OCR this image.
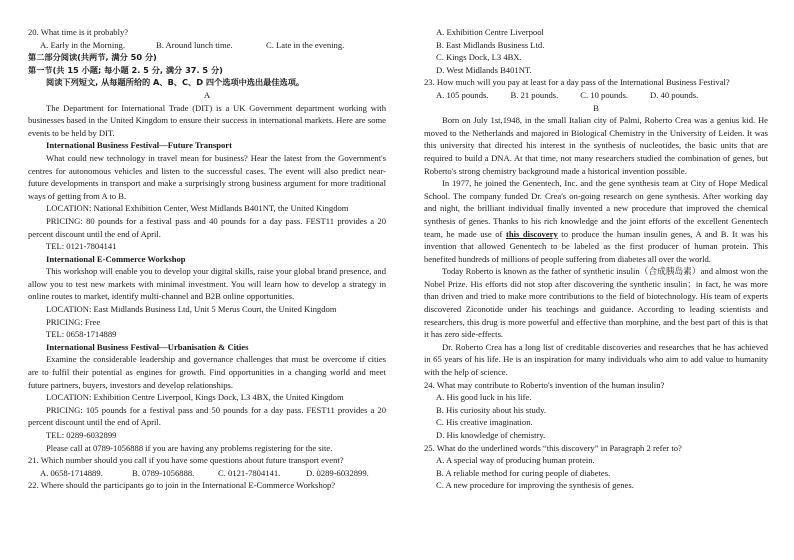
20. What time is it probably?
A. Early in the Morning.	B. Around lunch time.	C. Late in the evening.
第二部分阅读(共两节, 满分 50 分)
第一节(共 15 小题; 每小题 2. 5 分, 满分 37. 5 分)
阅读下列短文, 从每题所给的 A、B、C、D 四个选项中选出最佳选项。
A
The Department for International Trade (DIT) is a UK Government department working with businesses based in the United Kingdom to ensure their success in international markets. Here are some events to be held by DIT.
International Business Festival—Future Transport
What could new technology in travel mean for business? Hear the latest from the Government's centres for autonomous vehicles and listen to the successful cases. The event will also predict near-future developments in transport and make a surprisingly strong business argument for more traditional ways of getting from A to B.
LOCATION: National Exhibition Center, West Midlands B401NT, the United Kingdom
PRICING: 80 pounds for a festival pass and 40 pounds for a day pass. FEST11 provides a 20 percent discount until the end of April.
TEL: 0121-7804141
International E-Commerce Workshop
This workshop will enable you to develop your digital skills, raise your global brand presence, and allow you to test new markets with minimal investment. You will learn how to develop a strategy in online routes to market, identify multi-channel and B2B online opportunities.
LOCATION: East Midlands Business Ltd, Unit 5 Merus Court, the United Kingdom
PRICING: Free
TEL: 0658-1714889
International Business Festival—Urbanisation & Cities
Examine the considerable leadership and governance challenges that must be overcome if cities are to fulfil their potential as engines for growth. Find opportunities in a changing world and meet future partners, buyers, investors and develop relationships.
LOCATION: Exhibition Centre Liverpool, Kings Dock, L3 4BX, the United Kingdom
PRICING: 105 pounds for a festival pass and 50 pounds for a day pass. FEST11 provides a 20 percent discount until the end of April.
TEL: 0289-6032899
Please call at 0789-1056888 if you are having any problems registering for the site.
21. Which number should you call if you have some questions about future transport event?
A. 0658-1714889.	B. 0789-1056888.	C. 0121-7804141.	D. 0289-6032899.
22. Where should the participants go to join in the International E-Commerce Workshop?
A. Exhibition Centre Liverpool
B. East Midlands Business Ltd.
C. Kings Dock, L3 4BX.
D. West Midlands B401NT.
23. How much will you pay at least for a day pass of the International Business Festival?
A. 105 pounds.	B. 21 pounds.	C. 10 pounds.	D. 40 pounds.
B
Born on July 1st,1948, in the small Italian city of Palmi, Roberto Crea was a genius kid. He moved to the Netherlands and majored in Biological Chemistry in the University of Leiden. It was this university that directed his interest in the synthesis of nucleotides, the basic units that are required to build a DNA. At that time, not many researchers studied the combination of genes, but Roberto's strong chemistry background made a historical invention possible.
In 1977, he joined the Genentech, Inc. and the gene synthesis team at City of Hope Medical School. The company funded Dr. Crea's on-going research on gene synthesis. After working day and night, the brilliant individual finally invented a new procedure that improved the chemical synthesis of genes. Thanks to his rich knowledge and the joint efforts of the excellent Genentech team, he made use of this discovery to produce the human insulin genes, A and B. It was his invention that allowed Genentech to be labeled as the first producer of human protein. This benefited hundreds of millions of people suffering from diabetes all over the world.
Today Roberto is known as the father of synthetic insulin（合成胰岛素）and almost won the Nobel Prize. His efforts did not stop after discovering the synthetic insulin；in fact, he was more than driven and tried to make more contributions to the field of biotechnology. His team of experts discovered Ziconotide under his teachings and guidance. According to leading scientists and researchers, this drug is more powerful and effective than morphine, and the best part of this is that it has zero side-effects.
Dr. Roberto Crea has a long list of creditable discoveries and researches that he has achieved in 65 years of his life. He is an inspiration for many individuals who aim to add value to humanity with the help of science.
24. What may contribute to Roberto's invention of the human insulin?
A. His good luck in his life.
B. His curiosity about his study.
C. His creative imagination.
D. His knowledge of chemistry.
25. What do the underlined words “this discovery” in Paragraph 2 refer to?
A. A special way of producing human protein.
B. A reliable method for curing people of diabetes.
C. A new procedure for improving the synthesis of genes.
